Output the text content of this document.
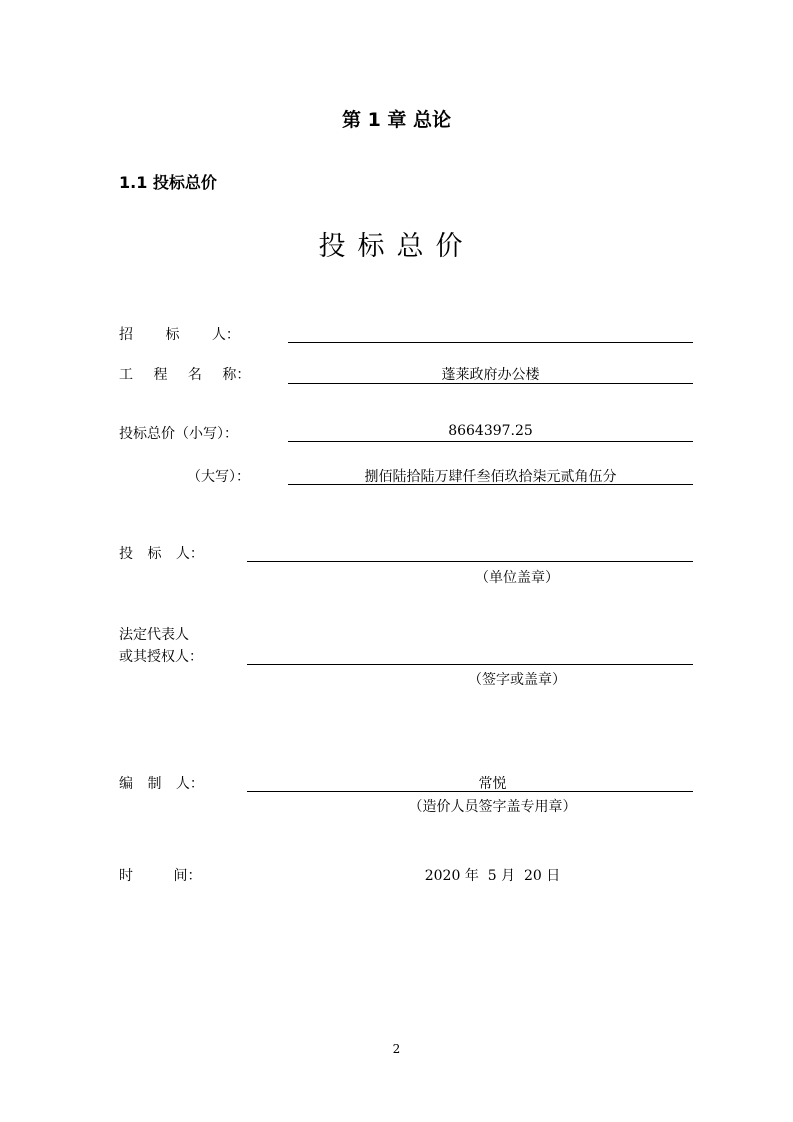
第 1 章 总论
1.1 投标总价
投标总价
招 标 人：
工 程 名 称：	蓬莱政府办公楼
投标总价（小写）：	8664397.25
（大写）：	捌佰陆拾陆万肆仟叁佰玖拾柒元贰角伍分
投 标 人：
（单位盖章）
法定代表人
或其授权人：
（签字或盖章）
编 制 人：	常悦
（造价人员签字盖专用章）
时 间：	2020 年  5 月  20 日
2
